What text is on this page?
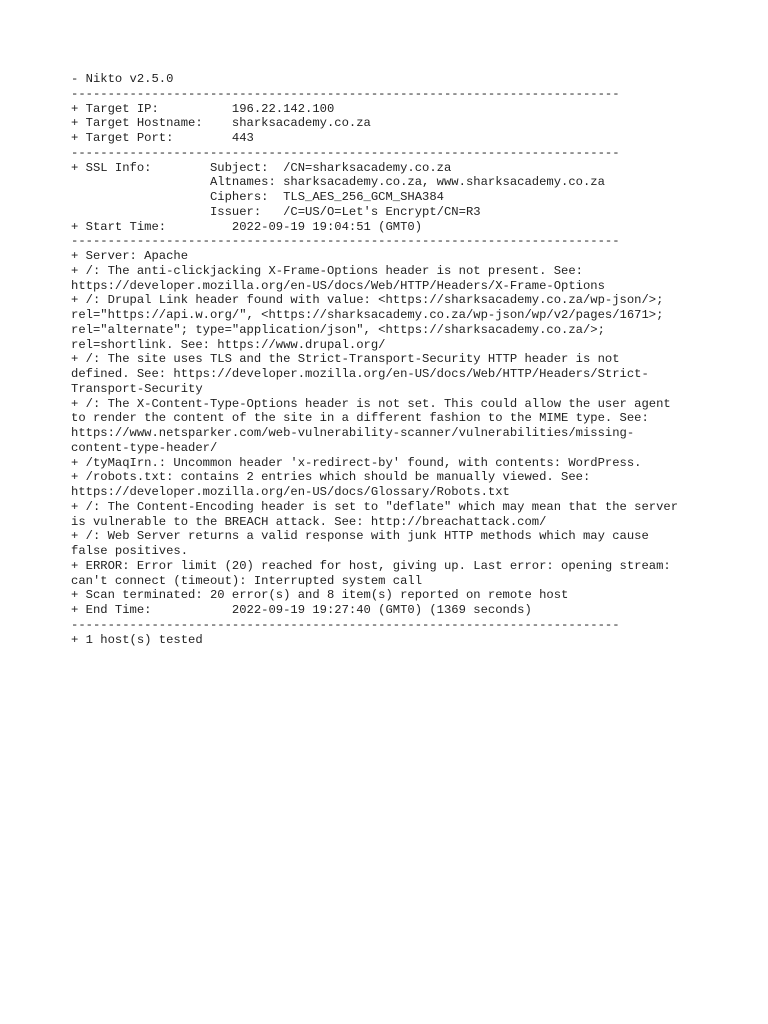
- Nikto v2.5.0
---------------------------------------------------------------------------
+ Target IP:          196.22.142.100
+ Target Hostname:    sharksacademy.co.za
+ Target Port:        443
---------------------------------------------------------------------------
+ SSL Info:        Subject:  /CN=sharksacademy.co.za
Altnames: sharksacademy.co.za, www.sharksacademy.co.za
Ciphers:  TLS_AES_256_GCM_SHA384
Issuer:   /C=US/O=Let's Encrypt/CN=R3
+ Start Time:         2022-09-19 19:04:51 (GMT0)
---------------------------------------------------------------------------
+ Server: Apache
+ /: The anti-clickjacking X-Frame-Options header is not present. See:
https://developer.mozilla.org/en-US/docs/Web/HTTP/Headers/X-Frame-Options
+ /: Drupal Link header found with value: <https://sharksacademy.co.za/wp-json/>;
rel="https://api.w.org/", <https://sharksacademy.co.za/wp-json/wp/v2/pages/1671>;
rel="alternate"; type="application/json", <https://sharksacademy.co.za/>;
rel=shortlink. See: https://www.drupal.org/
+ /: The site uses TLS and the Strict-Transport-Security HTTP header is not
defined. See: https://developer.mozilla.org/en-US/docs/Web/HTTP/Headers/Strict-
Transport-Security
+ /: The X-Content-Type-Options header is not set. This could allow the user agent
to render the content of the site in a different fashion to the MIME type. See:
https://www.netsparker.com/web-vulnerability-scanner/vulnerabilities/missing-
content-type-header/
+ /tyMaqIrn.: Uncommon header 'x-redirect-by' found, with contents: WordPress.
+ /robots.txt: contains 2 entries which should be manually viewed. See:
https://developer.mozilla.org/en-US/docs/Glossary/Robots.txt
+ /: The Content-Encoding header is set to "deflate" which may mean that the server
is vulnerable to the BREACH attack. See: http://breachattack.com/
+ /: Web Server returns a valid response with junk HTTP methods which may cause
false positives.
+ ERROR: Error limit (20) reached for host, giving up. Last error: opening stream:
can't connect (timeout): Interrupted system call
+ Scan terminated: 20 error(s) and 8 item(s) reported on remote host
+ End Time:           2022-09-19 19:27:40 (GMT0) (1369 seconds)
---------------------------------------------------------------------------
+ 1 host(s) tested
